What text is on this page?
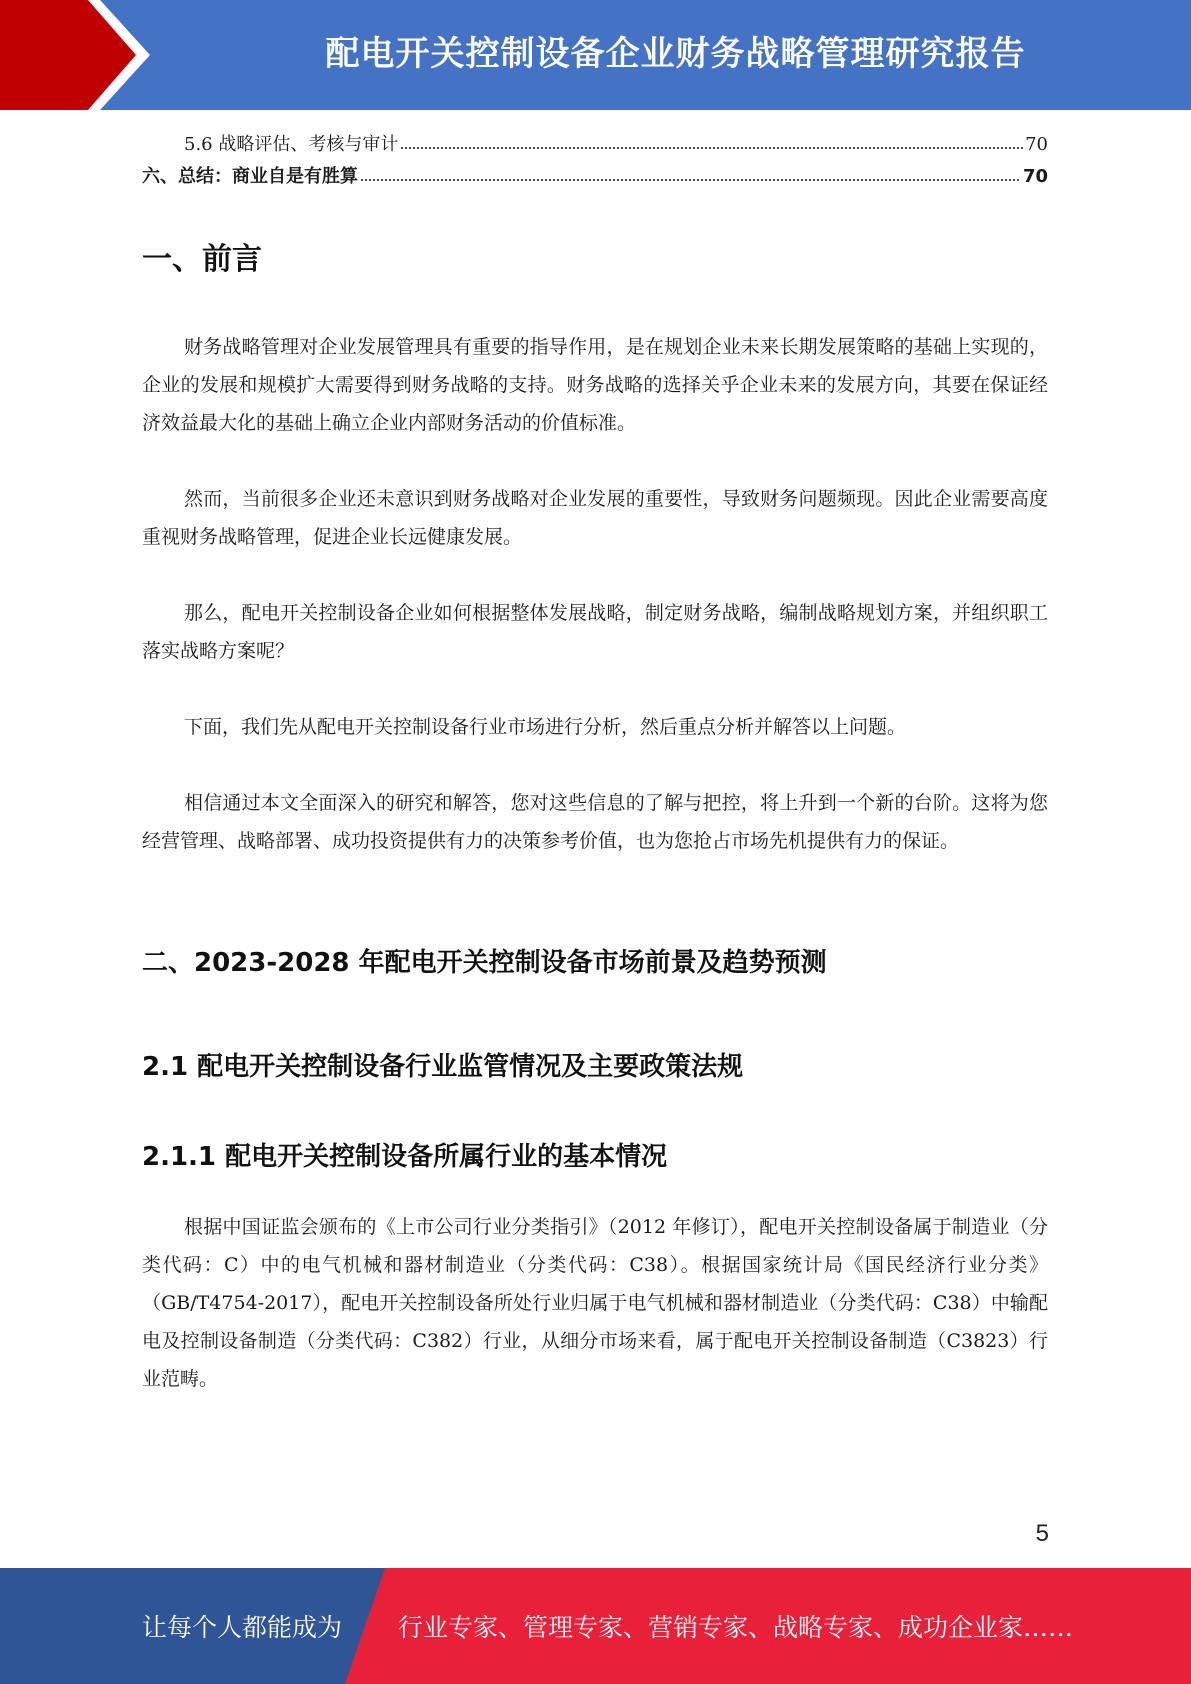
配电开关控制设备企业财务战略管理研究报告
5.6 战略评估、考核与审计	70
六、总结：商业自是有胜算	70
一、前言

财务战略管理对企业发展管理具有重要的指导作用，是在规划企业未来长期发展策略的基础上实现的，企业的发展和规模扩大需要得到财务战略的支持。财务战略的选择关乎企业未来的发展方向，其要在保证经济效益最大化的基础上确立企业内部财务活动的价值标准。

然而，当前很多企业还未意识到财务战略对企业发展的重要性，导致财务问题频现。因此企业需要高度重视财务战略管理，促进企业长远健康发展。

那么，配电开关控制设备企业如何根据整体发展战略，制定财务战略，编制战略规划方案，并组织职工落实战略方案呢？

下面，我们先从配电开关控制设备行业市场进行分析，然后重点分析并解答以上问题。

相信通过本文全面深入的研究和解答，您对这些信息的了解与把控，将上升到一个新的台阶。这将为您经营管理、战略部署、成功投资提供有力的决策参考价值，也为您抢占市场先机提供有力的保证。

二、2023-2028 年配电开关控制设备市场前景及趋势预测
2.1 配电开关控制设备行业监管情况及主要政策法规
2.1.1 配电开关控制设备所属行业的基本情况

根据中国证监会颁布的《上市公司行业分类指引》（2012 年修订），配电开关控制设备属于制造业（分类代码：C）中的电气机械和器材制造业（分类代码：C38）。根据国家统计局《国民经济行业分类》（GB/T4754-2017），配电开关控制设备所处行业归属于电气机械和器材制造业（分类代码：C38）中输配电及控制设备制造（分类代码：C382）行业，从细分市场来看，属于配电开关控制设备制造（C3823）行业范畴。

5
让每个人都能成为 行业专家、管理专家、营销专家、战略专家、成功企业家……
